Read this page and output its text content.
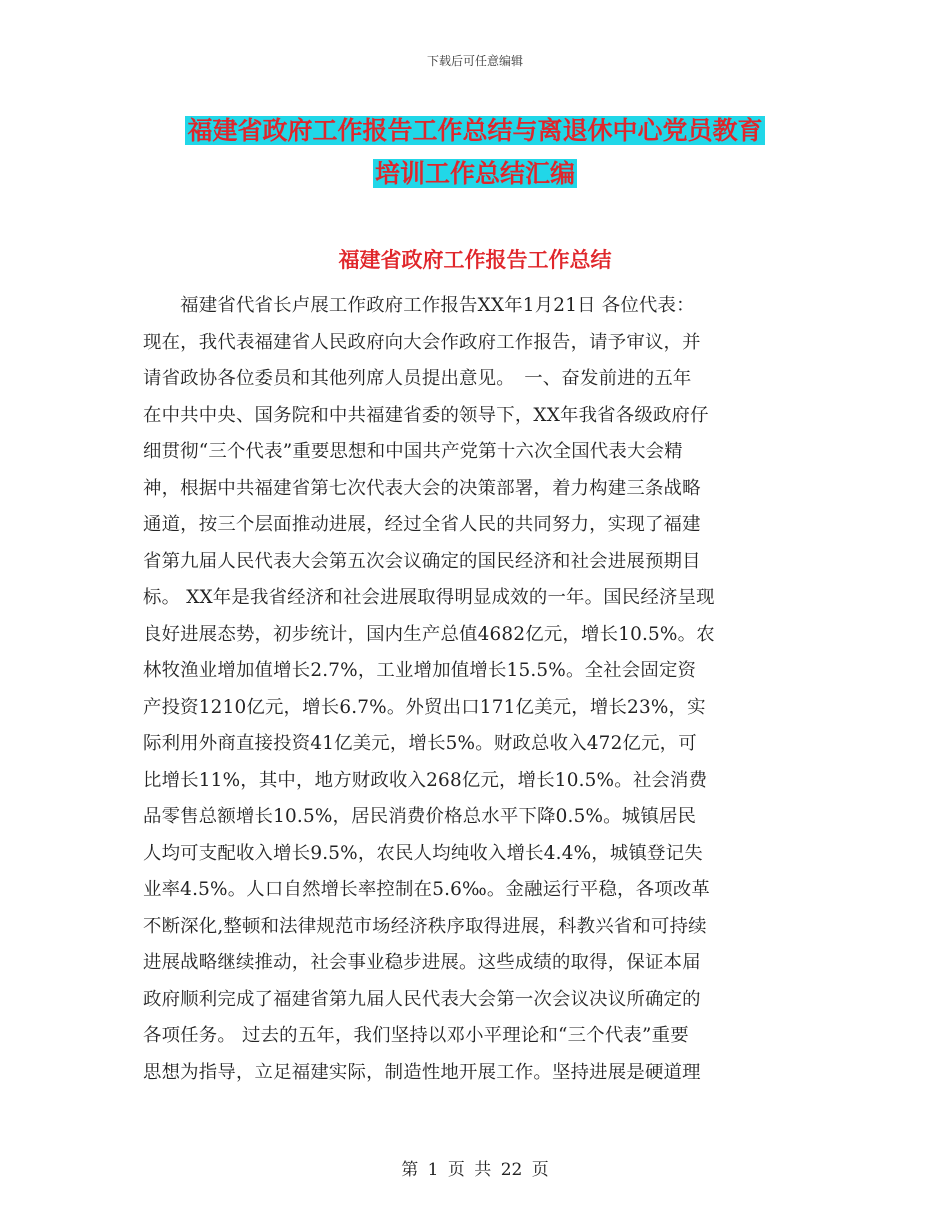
下载后可任意编辑
福建省政府工作报告工作总结与离退休中心党员教育
培训工作总结汇编
福建省政府工作报告工作总结
　　福建省代省长卢展工作政府工作报告XX年1月21日 各位代表：
现在，我代表福建省人民政府向大会作政府工作报告，请予审议，并
请省政协各位委员和其他列席人员提出意见。　一、奋发前进的五年
在中共中央、国务院和中共福建省委的领导下，XX年我省各级政府仔
细贯彻“三个代表”重要思想和中国共产党第十六次全国代表大会精
神，根据中共福建省第七次代表大会的决策部署，着力构建三条战略
通道，按三个层面推动进展，经过全省人民的共同努力，实现了福建
省第九届人民代表大会第五次会议确定的国民经济和社会进展预期目
标。 XX年是我省经济和社会进展取得明显成效的一年。国民经济呈现
良好进展态势，初步统计，国内生产总值4682亿元，增长10.5%。农
林牧渔业增加值增长2.7%，工业增加值增长15.5%。全社会固定资
产投资1210亿元，增长6.7%。外贸出口171亿美元，增长23%，实
际利用外商直接投资41亿美元，增长5%。财政总收入472亿元，可
比增长11%，其中，地方财政收入268亿元，增长10.5%。社会消费
品零售总额增长10.5%，居民消费价格总水平下降0.5%。城镇居民
人均可支配收入增长9.5%，农民人均纯收入增长4.4%，城镇登记失
业率4.5%。人口自然增长率控制在5.6‰。金融运行平稳，各项改革
不断深化,整顿和法律规范市场经济秩序取得进展，科教兴省和可持续
进展战略继续推动，社会事业稳步进展。这些成绩的取得，保证本届
政府顺利完成了福建省第九届人民代表大会第一次会议决议所确定的
各项任务。 过去的五年，我们坚持以邓小平理论和“三个代表”重要
思想为指导，立足福建实际，制造性地开展工作。坚持进展是硬道理
第 1 页 共 22 页
